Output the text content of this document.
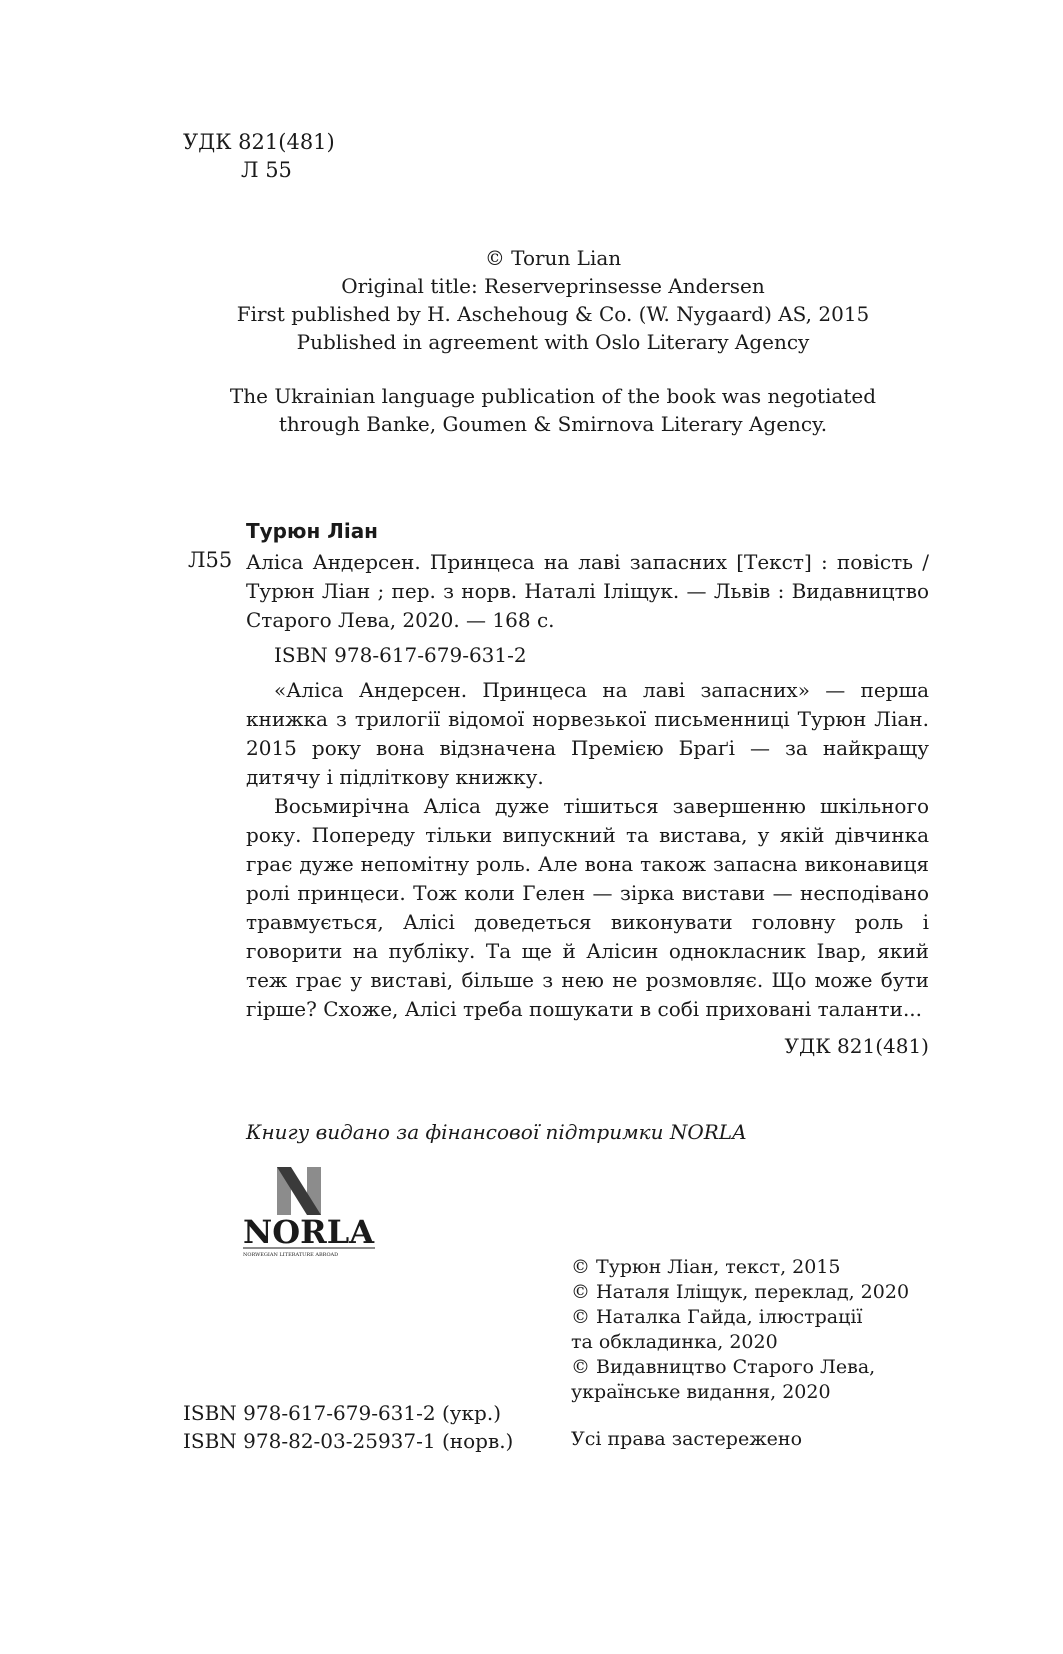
УДК 821(481)
Л 55

© Torun Lian

Original title: Reserveprinsesse Andersen

First published by H. Aschehoug & Co. (W. Nygaard) AS, 2015

Published in agreement with Oslo Literary Agency

The Ukrainian language publication of the book was negotiated

through Banke, Goumen & Smirnova Literary Agency.

Турюн Ліан
Л55 Аліса Андерсен. Принцеса на лаві запасних [Текст] : повість / Турюн Ліан ; пер. з норв. Наталі Іліщук. — Львів : Видавництво Старого Лева, 2020. — 168 с.

ISBN 978-617-679-631-2

«Аліса Андерсен. Принцеса на лаві запасних» — перша книжка з трилогії відомої норвезької письменниці Турюн Ліан. 2015 року вона відзначена Премією Браґі — за найкращу дитячу і підліткову книжку.

Восьмирічна Аліса дуже тішиться завершенню шкільного року. Попереду тільки випускний та вистава, у якій дівчинка грає дуже непомітну роль. Але вона також запасна виконавиця ролі принцеси. Тож коли Гелен — зірка вистави — несподівано травмується, Алісі доведеться виконувати головну роль і говорити на публіку. Та ще й Алісин однокласник Івар, який теж грає у виставі, більше з нею не розмовляє. Що може бути гірше? Схоже, Алісі треба пошукати в собі приховані таланти...

УДК 821(481)
Книгу видано за фінансової підтримки NORLA
NORLA
NORWEGIAN LITERATURE ABROAD

© Турюн Ліан, текст, 2015

© Наталя Іліщук, переклад, 2020

© Наталка Гайда, ілюстрації

та обкладинка, 2020

© Видавництво Старого Лева,

українське видання, 2020

ISBN 978-617-679-631-2 (укр.)

ISBN 978-82-03-25937-1 (норв.)	Усі права застережено
